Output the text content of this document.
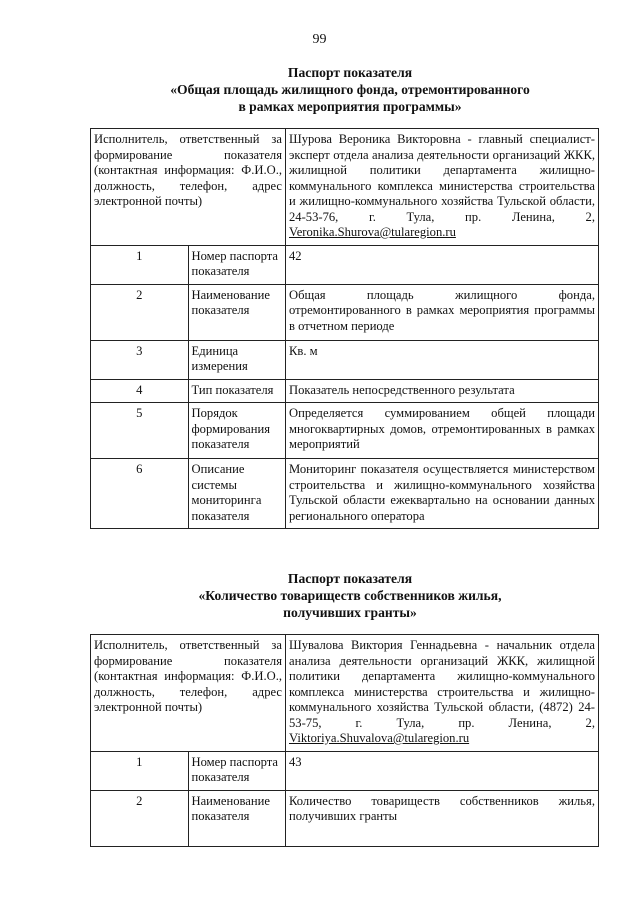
99
Паспорт показателя
«Общая площадь жилищного фонда, отремонтированного
в рамках мероприятия программы»
Исполнитель, ответственный за формирование показателя (контактная информация: Ф.И.О., должность, телефон, адрес электронной почты)		Шурова Вероника Викторовна - главный специалист-эксперт отдела анализа деятельности организаций ЖКК, жилищной политики департамента жилищно-коммунального комплекса министерства строительства и жилищно-коммунального хозяйства Тульской области, 24-53-76, г. Тула, пр. Ленина, 2, Veronika.Shurova@tularegion.ru
1	Номер паспорта показателя	42
2	Наименование показателя	Общая площадь жилищного фонда, отремонтированного в рамках мероприятия программы в отчетном периоде
3	Единица измерения	Кв. м
4	Тип показателя	Показатель непосредственного результата
5	Порядок формирования показателя	Определяется суммированием общей площади многоквартирных домов, отремонтированных в рамках мероприятий
6	Описание системы мониторинга показателя	Мониторинг показателя осуществляется министерством строительства и жилищно-коммунального хозяйства Тульской области ежеквартально на основании данных регионального оператора
Паспорт показателя
«Количество товариществ собственников жилья,
получивших гранты»
Исполнитель, ответственный за формирование показателя (контактная информация: Ф.И.О., должность, телефон, адрес электронной почты)		Шувалова Виктория Геннадьевна - начальник отдела анализа деятельности организаций ЖКК, жилищной политики департамента жилищно-коммунального комплекса министерства строительства и жилищно-коммунального хозяйства Тульской области, (4872) 24-53-75, г. Тула, пр. Ленина, 2, Viktoriya.Shuvalova@tularegion.ru
1	Номер паспорта показателя	43
2	Наименование показателя	Количество товариществ собственников жилья, получивших гранты
